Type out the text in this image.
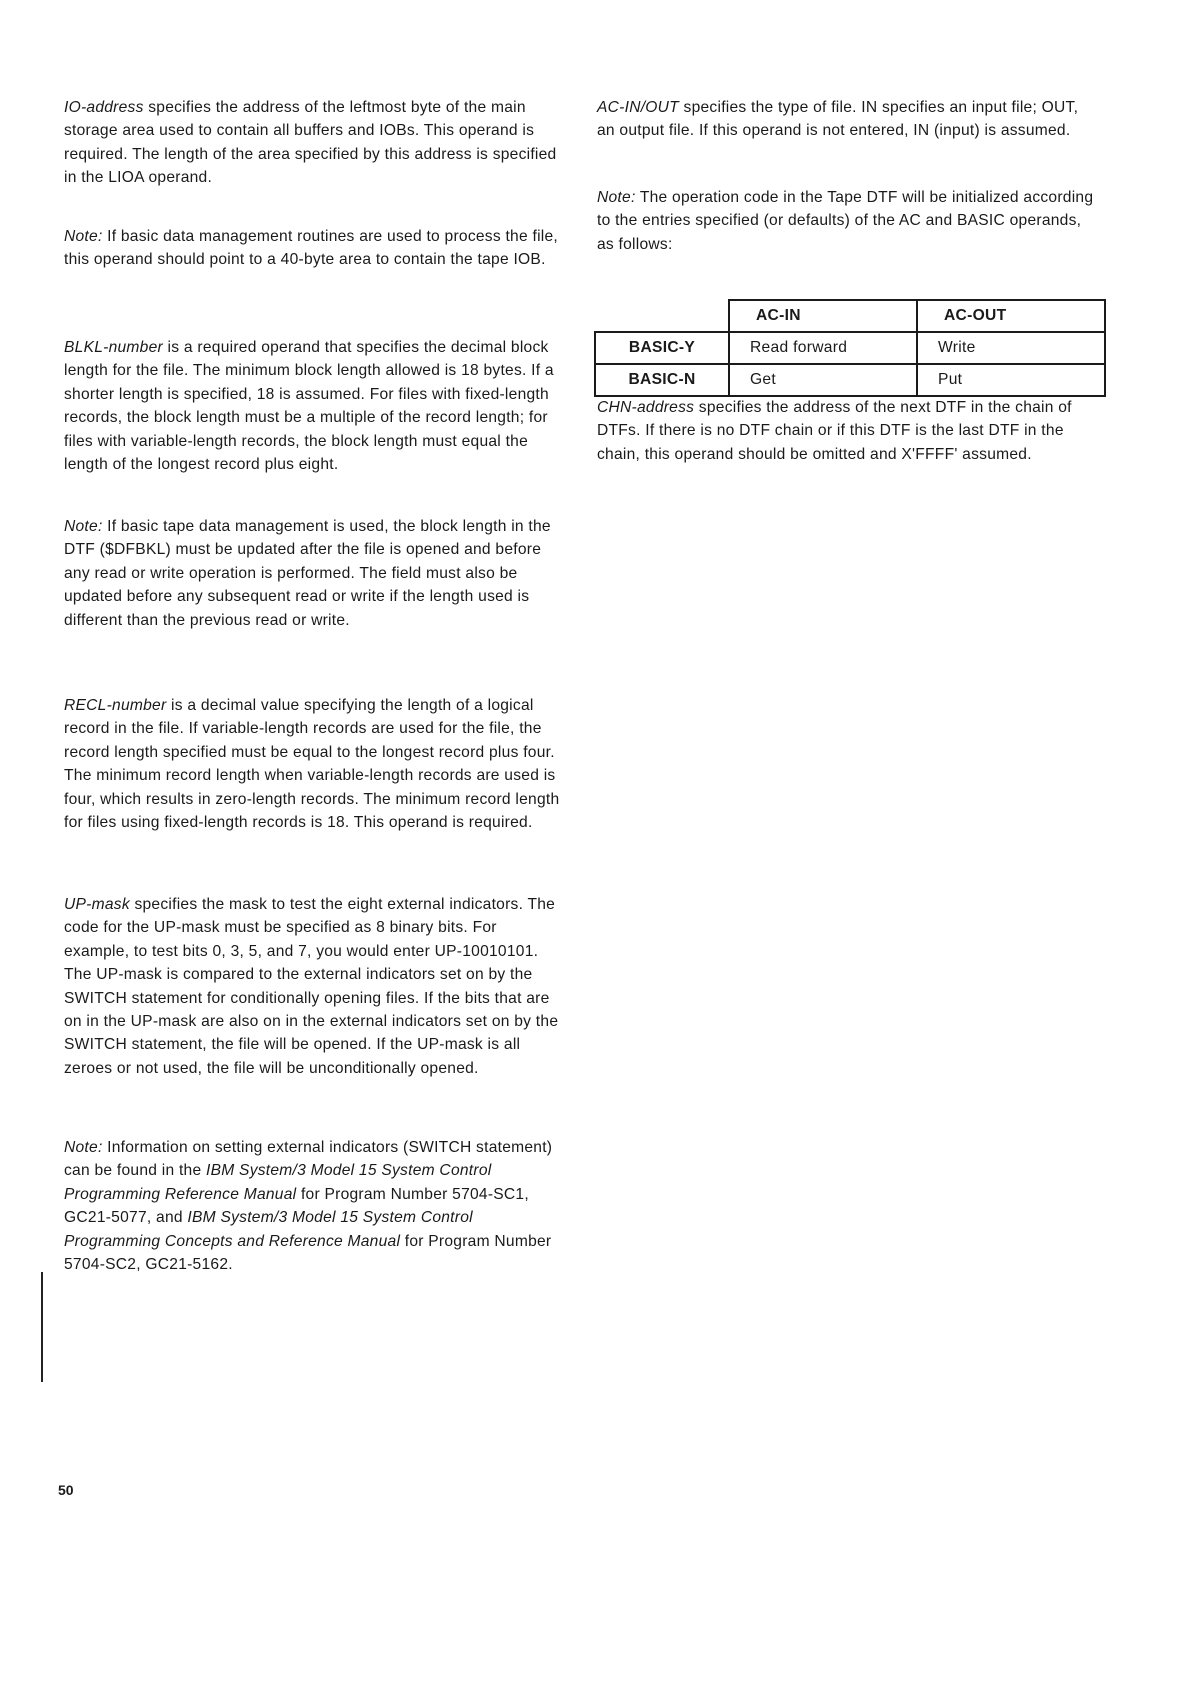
IO-address specifies the address of the leftmost byte of the main storage area used to contain all buffers and IOBs. This operand is required. The length of the area specified by this address is specified in the LIOA operand.

Note: If basic data management routines are used to process the file, this operand should point to a 40-byte area to contain the tape IOB.

BLKL-number is a required operand that specifies the decimal block length for the file. The minimum block length allowed is 18 bytes. If a shorter length is specified, 18 is assumed. For files with fixed-length records, the block length must be a multiple of the record length; for files with variable-length records, the block length must equal the length of the longest record plus eight.

Note: If basic tape data management is used, the block length in the DTF ($DFBKL) must be updated after the file is opened and before any read or write operation is performed. The field must also be updated before any subsequent read or write if the length used is different than the previous read or write.

RECL-number is a decimal value specifying the length of a logical record in the file. If variable-length records are used for the file, the record length specified must be equal to the longest record plus four. The minimum record length when variable-length records are used is four, which results in zero-length records. The minimum record length for files using fixed-length records is 18. This operand is required.

UP-mask specifies the mask to test the eight external indicators. The code for the UP-mask must be specified as 8 binary bits. For example, to test bits 0, 3, 5, and 7, you would enter UP-10010101. The UP-mask is compared to the external indicators set on by the SWITCH statement for conditionally opening files. If the bits that are on in the UP-mask are also on in the external indicators set on by the SWITCH statement, the file will be opened. If the UP-mask is all zeroes or not used, the file will be unconditionally opened.

Note: Information on setting external indicators (SWITCH statement) can be found in the IBM System/3 Model 15 System Control Programming Reference Manual for Program Number 5704-SC1, GC21-5077, and IBM System/3 Model 15 System Control Programming Concepts and Reference Manual for Program Number 5704-SC2, GC21-5162.

AC-IN/OUT specifies the type of file. IN specifies an input file; OUT, an output file. If this operand is not entered, IN (input) is assumed.

Note: The operation code in the Tape DTF will be initialized according to the entries specified (or defaults) of the AC and BASIC operands, as follows:

CHN-address specifies the address of the next DTF in the chain of DTFs. If there is no DTF chain or if this DTF is the last DTF in the chain, this operand should be omitted and X'FFFF' assumed.

	AC-IN	AC-OUT
BASIC-Y	Read forward	Write
BASIC-N	Get	Put
50
